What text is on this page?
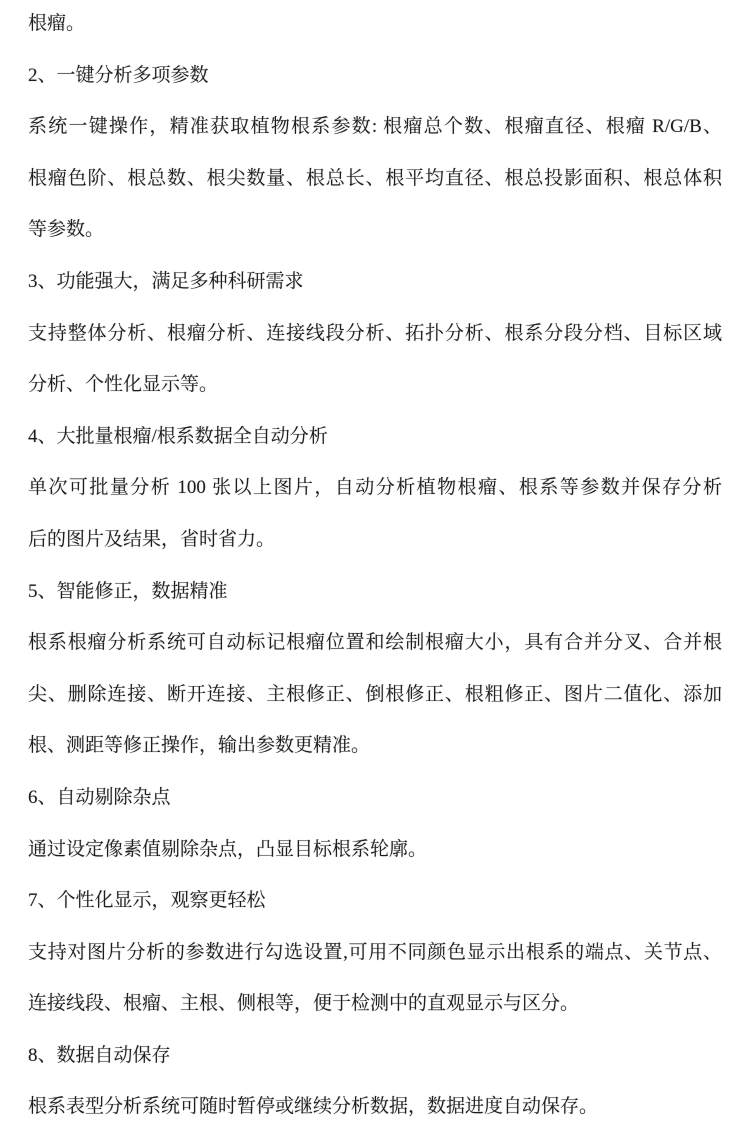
根瘤。
2、一键分析多项参数
系统一键操作，精准获取植物根系参数: 根瘤总个数、根瘤直径、根瘤 R/G/B、
根瘤色阶、根总数、根尖数量、根总长、根平均直径、根总投影面积、根总体积
等参数。
3、功能强大，满足多种科研需求
支持整体分析、根瘤分析、连接线段分析、拓扑分析、根系分段分档、目标区域
分析、个性化显示等。
4、大批量根瘤/根系数据全自动分析
单次可批量分析 100 张以上图片，自动分析植物根瘤、根系等参数并保存分析
后的图片及结果，省时省力。
5、智能修正，数据精准
根系根瘤分析系统可自动标记根瘤位置和绘制根瘤大小，具有合并分叉、合并根
尖、删除连接、断开连接、主根修正、倒根修正、根粗修正、图片二值化、添加
根、测距等修正操作，输出参数更精准。
6、自动剔除杂点
通过设定像素值剔除杂点，凸显目标根系轮廓。
7、个性化显示，观察更轻松
支持对图片分析的参数进行勾选设置,可用不同颜色显示出根系的端点、关节点、
连接线段、根瘤、主根、侧根等，便于检测中的直观显示与区分。
8、数据自动保存
根系表型分析系统可随时暂停或继续分析数据，数据进度自动保存。
